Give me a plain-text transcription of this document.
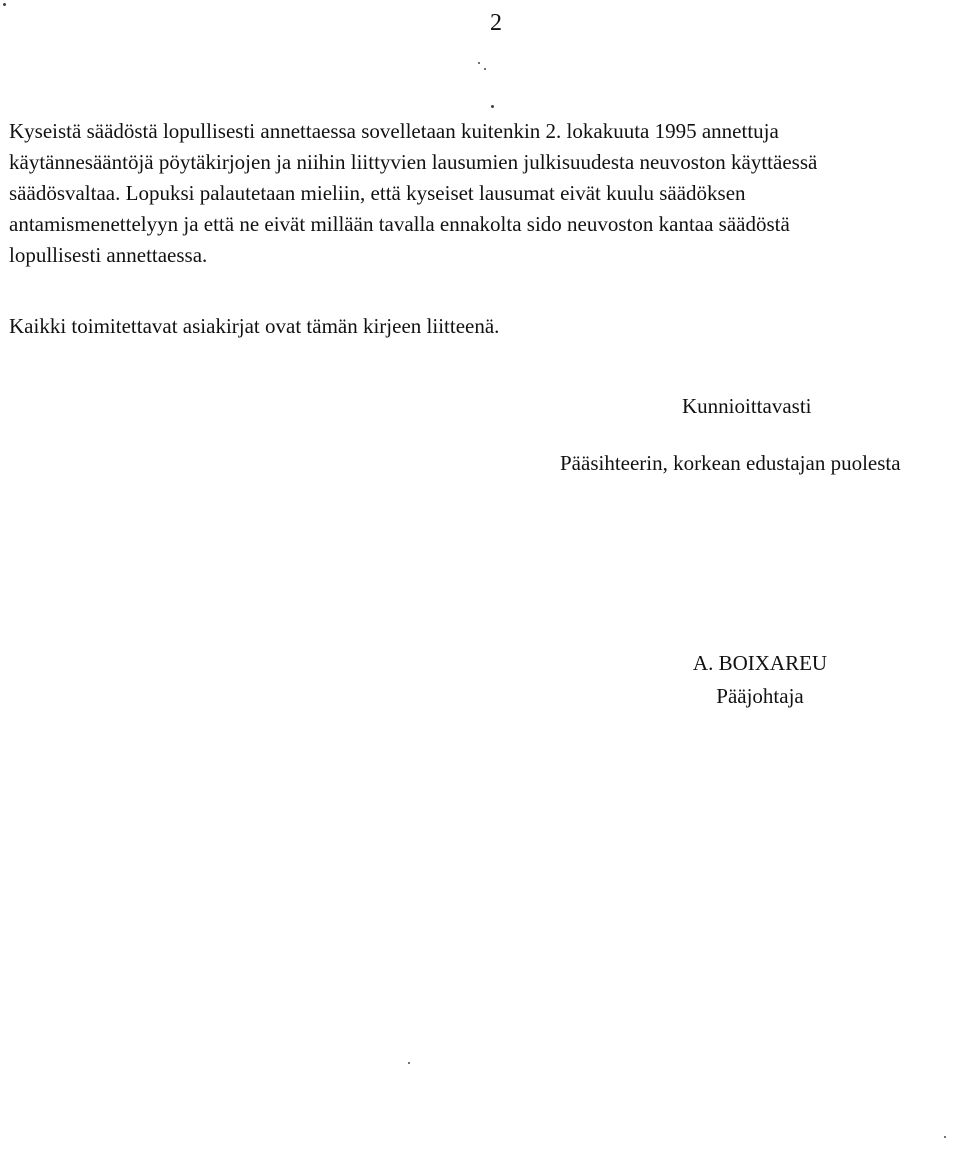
2
Kyseistä säädöstä lopullisesti annettaessa sovelletaan kuitenkin 2. lokakuuta 1995 annettuja
käytännesääntöjä pöytäkirjojen ja niihin liittyvien lausumien julkisuudesta neuvoston käyttäessä
säädösvaltaa. Lopuksi palautetaan mieliin, että kyseiset lausumat eivät kuulu säädöksen
antamismenettelyyn ja että ne eivät millään tavalla ennakolta sido neuvoston kantaa säädöstä
lopullisesti annettaessa.
Kaikki toimitettavat asiakirjat ovat tämän kirjeen liitteenä.
Kunnioittavasti
Pääsihteerin, korkean edustajan puolesta
A. BOIXAREU
Pääjohtaja
